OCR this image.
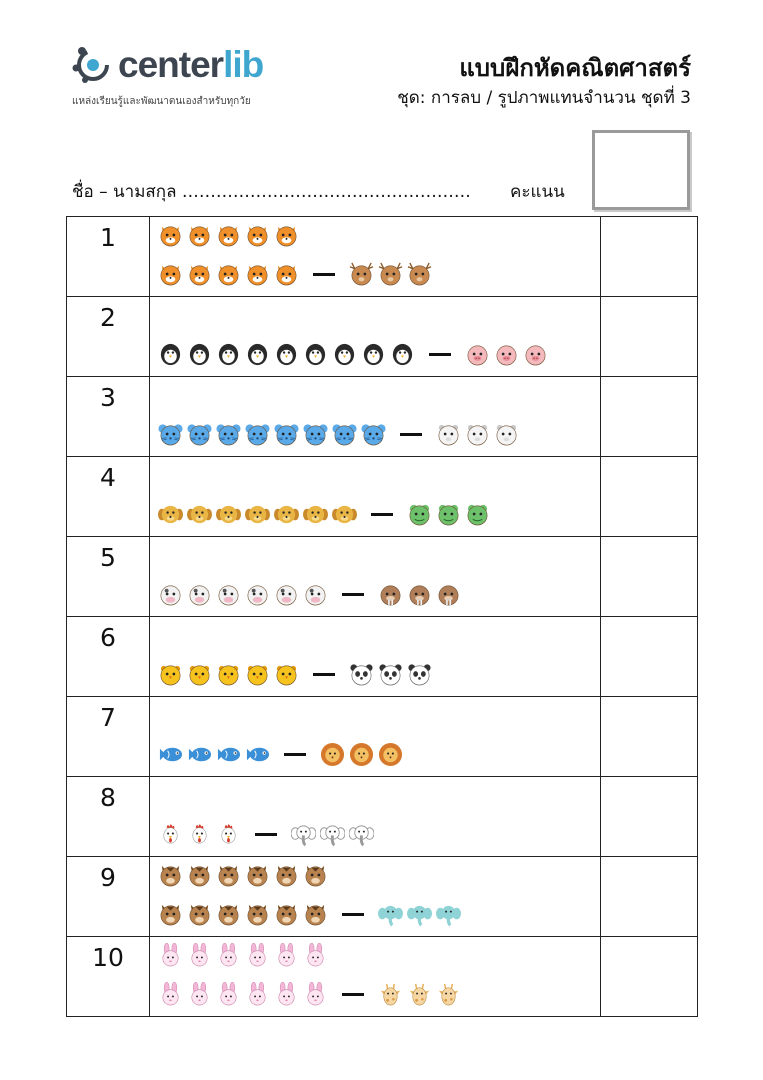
centerlib
แหล่งเรียนรู้และพัฒนาตนเองสำหรับทุกวัย
แบบฝึกหัดคณิตศาสตร์
ชุด: การลบ / รูปภาพแทนจำนวน ชุดที่ 3
ชื่อ – นามสกุล …………………………………………… คะแนน
1	

2	

3	

4	

5	

6	

7	

8	

9	

10	
